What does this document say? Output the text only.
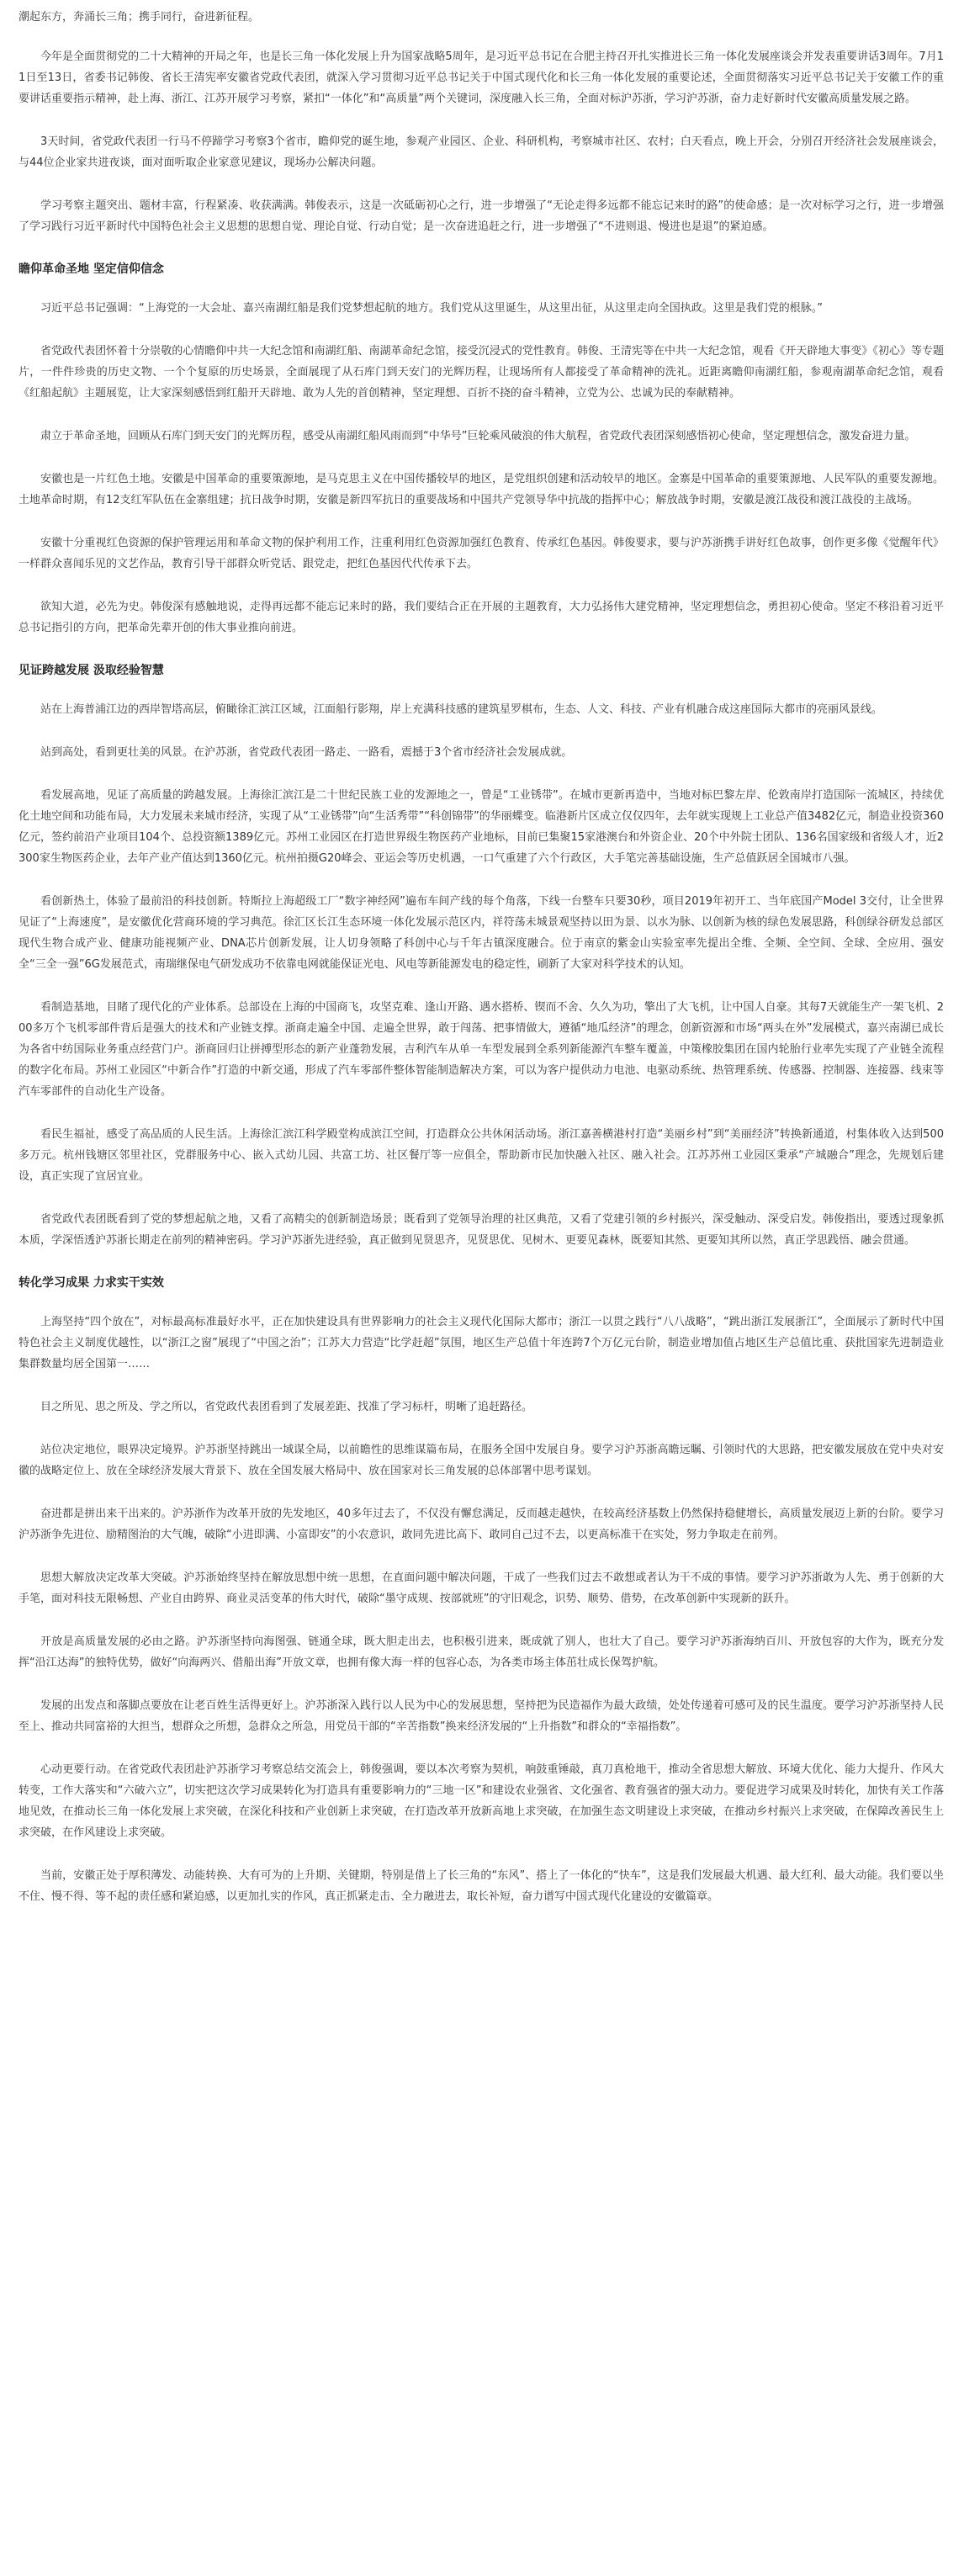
潮起东方，奔涌长三角；携手同行，奋进新征程。

今年是全面贯彻党的二十大精神的开局之年，也是长三角一体化发展上升为国家战略5周年，是习近平总书记在合肥主持召开扎实推进长三角一体化发展座谈会并发表重要讲话3周年。7月11日至13日，省委书记韩俊、省长王清宪率安徽省党政代表团，就深入学习贯彻习近平总书记关于中国式现代化和长三角一体化发展的重要论述，全面贯彻落实习近平总书记关于安徽工作的重要讲话重要指示精神，赴上海、浙江、江苏开展学习考察，紧扣“一体化”和“高质量”两个关键词，深度融入长三角，全面对标沪苏浙，学习沪苏浙，奋力走好新时代安徽高质量发展之路。

3天时间，省党政代表团一行马不停蹄学习考察3个省市，瞻仰党的诞生地，参观产业园区、企业、科研机构，考察城市社区、农村；白天看点，晚上开会，分别召开经济社会发展座谈会，与44位企业家共进夜谈，面对面听取企业家意见建议，现场办公解决问题。

学习考察主题突出、题材丰富，行程紧凑、收获满满。韩俊表示，这是一次砥砺初心之行，进一步增强了“无论走得多远都不能忘记来时的路”的使命感；是一次对标学习之行，进一步增强了学习践行习近平新时代中国特色社会主义思想的思想自觉、理论自觉、行动自觉；是一次奋进追赶之行，进一步增强了“不进则退、慢进也是退”的紧迫感。

瞻仰革命圣地 坚定信仰信念

习近平总书记强调：“上海党的一大会址、嘉兴南湖红船是我们党梦想起航的地方。我们党从这里诞生，从这里出征，从这里走向全国执政。这里是我们党的根脉。”

省党政代表团怀着十分崇敬的心情瞻仰中共一大纪念馆和南湖红船、南湖革命纪念馆，接受沉浸式的党性教育。韩俊、王清宪等在中共一大纪念馆，观看《开天辟地大事变》《初心》等专题片，一件件珍贵的历史文物、一个个复原的历史场景，全面展现了从石库门到天安门的光辉历程，让现场所有人都接受了革命精神的洗礼。近距离瞻仰南湖红船，参观南湖革命纪念馆，观看《红船起航》主题展览，让大家深刻感悟到红船开天辟地、敢为人先的首创精神，坚定理想、百折不挠的奋斗精神，立党为公、忠诚为民的奉献精神。

肃立于革命圣地，回顾从石库门到天安门的光辉历程，感受从南湖红船风雨而到“中华号”巨轮乘风破浪的伟大航程，省党政代表团深刻感悟初心使命，坚定理想信念，激发奋进力量。

安徽也是一片红色土地。安徽是中国革命的重要策源地，是马克思主义在中国传播较早的地区，是党组织创建和活动较早的地区。金寨是中国革命的重要策源地、人民军队的重要发源地。土地革命时期，有12支红军队伍在金寨组建；抗日战争时期，安徽是新四军抗日的重要战场和中国共产党领导华中抗战的指挥中心；解放战争时期，安徽是渡江战役和渡江战役的主战场。

安徽十分重视红色资源的保护管理运用和革命文物的保护利用工作，注重利用红色资源加强红色教育、传承红色基因。韩俊要求，要与沪苏浙携手讲好红色故事，创作更多像《觉醒年代》一样群众喜闻乐见的文艺作品，教育引导干部群众听党话、跟党走，把红色基因代代传承下去。

欲知大道，必先为史。韩俊深有感触地说，走得再远都不能忘记来时的路，我们要结合正在开展的主题教育，大力弘扬伟大建党精神，坚定理想信念，勇担初心使命。坚定不移沿着习近平总书记指引的方向，把革命先辈开创的伟大事业推向前进。

见证跨越发展 汲取经验智慧

站在上海普浦江边的西岸智塔高层，俯瞰徐汇滨江区域，江面船行影翔，岸上充满科技感的建筑星罗棋布，生态、人文、科技、产业有机融合成这座国际大都市的亮丽风景线。

站到高处，看到更壮美的风景。在沪苏浙，省党政代表团一路走、一路看，震撼于3个省市经济社会发展成就。

看发展高地，见证了高质量的跨越发展。上海徐汇滨江是二十世纪民族工业的发源地之一，曾是“工业锈带”。在城市更新再造中，当地对标巴黎左岸、伦敦南岸打造国际一流城区，持续优化土地空间和功能布局，大力发展未来城市经济，实现了从“工业锈带”向“生活秀带”“科创锦带”的华丽蝶变。临港新片区成立仅仅四年，去年就实现规上工业总产值3482亿元，制造业投资360亿元，签约前沿产业项目104个、总投资额1389亿元。苏州工业园区在打造世界级生物医药产业地标，目前已集聚15家港澳台和外资企业、20个中外院士团队、136名国家级和省级人才，近2300家生物医药企业，去年产业产值达到1360亿元。杭州拍摄G20峰会、亚运会等历史机遇，一口气重建了六个行政区，大手笔完善基础设施，生产总值跃居全国城市八强。

看创新热土，体验了最前沿的科技创新。特斯拉上海超级工厂“数字神经网”遍布车间产线的每个角落，下线一台整车只要30秒，项目2019年初开工、当年底国产Model 3交付，让全世界见证了“上海速度”，是安徽优化营商环境的学习典范。徐汇区长江生态环境一体化发展示范区内，祥符荡未城景观坚持以田为景、以水为脉、以创新为核的绿色发展思路，科创绿谷研发总部区现代生物合成产业、健康功能视频产业、DNA芯片创新发展，让人切身领略了科创中心与千年古镇深度融合。位于南京的紫金山实验室率先提出全维、全频、全空间、全球、全应用、强安全“三全一强”6G发展范式，南瑞继保电气研发成功不依靠电网就能保证光电、风电等新能源发电的稳定性，刷新了大家对科学技术的认知。

看制造基地，目睹了现代化的产业体系。总部设在上海的中国商飞，攻坚克难、逢山开路、遇水搭桥、锲而不舍、久久为功，擎出了大飞机，让中国人自豪。其每7天就能生产一架飞机、200多万个飞机零部件背后是强大的技术和产业链支撑。浙商走遍全中国、走遍全世界，敢于闯荡、把事情做大，遵循“地瓜经济”的理念，创新资源和市场“两头在外”发展模式，嘉兴南湖已成长为各省中纺国际业务重点经营门户。浙商回归让拼搏型形态的新产业蓬勃发展，吉利汽车从单一车型发展到全系列新能源汽车整车覆盖，中策橡胶集团在国内轮胎行业率先实现了产业链全流程的数字化布局。苏州工业园区“中新合作”打造的中新交通，形成了汽车零部件整体智能制造解决方案，可以为客户提供动力电池、电驱动系统、热管理系统、传感器、控制器、连接器、线束等汽车零部件的自动化生产设备。

看民生福祉，感受了高品质的人民生活。上海徐汇滨江科学殿堂构成滨江空间，打造群众公共休闲活动场。浙江嘉善横港村打造“美丽乡村”到“美丽经济”转换新通道，村集体收入达到500多万元。杭州钱塘区邻里社区，党群服务中心、嵌入式幼儿园、共富工坊、社区餐厅等一应俱全，帮助新市民加快融入社区、融入社会。江苏苏州工业园区秉承“产城融合”理念，先规划后建设，真正实现了宜居宜业。

省党政代表团既看到了党的梦想起航之地，又看了高精尖的创新制造场景；既看到了党领导治理的社区典范，又看了党建引领的乡村振兴，深受触动、深受启发。韩俊指出，要透过现象抓本质，学深悟透沪苏浙长期走在前列的精神密码。学习沪苏浙先进经验，真正做到见贤思齐，见贤思优、见树木、更要见森林，既要知其然、更要知其所以然，真正学思践悟、融会贯通。

转化学习成果 力求实干实效

上海坚持“四个放在”，对标最高标准最好水平，正在加快建设具有世界影响力的社会主义现代化国际大都市；浙江一以贯之践行“八八战略”，“跳出浙江发展浙江”，全面展示了新时代中国特色社会主义制度优越性，以“浙江之窗”展现了“中国之治”；江苏大力营造“比学赶超”氛围，地区生产总值十年连跨7个万亿元台阶，制造业增加值占地区生产总值比重、获批国家先进制造业集群数量均居全国第一……

目之所见、思之所及、学之所以，省党政代表团看到了发展差距、找准了学习标杆，明晰了追赶路径。

站位决定地位，眼界决定境界。沪苏浙坚持跳出一域谋全局，以前瞻性的思维谋篇布局，在服务全国中发展自身。要学习沪苏浙高瞻远瞩、引领时代的大思路，把安徽发展放在党中央对安徽的战略定位上、放在全球经济发展大背景下、放在全国发展大格局中、放在国家对长三角发展的总体部署中思考谋划。

奋进都是拼出来干出来的。沪苏浙作为改革开放的先发地区，40多年过去了，不仅没有懈怠满足，反而越走越快，在较高经济基数上仍然保持稳健增长，高质量发展迈上新的台阶。要学习沪苏浙争先进位、励精图治的大气魄，破除“小进即满、小富即安”的小农意识，敢同先进比高下、敢同自己过不去，以更高标准干在实处，努力争取走在前列。

思想大解放决定改革大突破。沪苏浙始终坚持在解放思想中统一思想，在直面问题中解决问题，干成了一些我们过去不敢想或者认为干不成的事情。要学习沪苏浙敢为人先、勇于创新的大手笔，面对科技无限畅想、产业自由跨界、商业灵活变革的伟大时代，破除“墨守成规、按部就班”的守旧观念，识势、顺势、借势，在改革创新中实现新的跃升。

开放是高质量发展的必由之路。沪苏浙坚持向海图强、链通全球，既大胆走出去，也积极引进来，既成就了别人，也壮大了自己。要学习沪苏浙海纳百川、开放包容的大作为，既充分发挥“沿江达海”的独特优势，做好“向海两兴、借船出海”开放文章，也拥有像大海一样的包容心态，为各类市场主体茁壮成长保驾护航。

发展的出发点和落脚点要放在让老百姓生活得更好上。沪苏浙深入践行以人民为中心的发展思想，坚持把为民造福作为最大政绩，处处传递着可感可及的民生温度。要学习沪苏浙坚持人民至上、推动共同富裕的大担当，想群众之所想，急群众之所急，用党员干部的“辛苦指数”换来经济发展的“上升指数”和群众的“幸福指数”。

心动更要行动。在省党政代表团赴沪苏浙学习考察总结交流会上，韩俊强调，要以本次考察为契机，响鼓重锤敲，真刀真枪地干，推动全省思想大解放、环境大优化、能力大提升、作风大转变，工作大落实和“六破六立”，切实把这次学习成果转化为打造具有重要影响力的“三地一区”和建设农业强省、文化强省、教育强省的强大动力。要促进学习成果及时转化，加快有关工作落地见效，在推动长三角一体化发展上求突破，在深化科技和产业创新上求突破，在打造改革开放新高地上求突破，在加强生态文明建设上求突破，在推动乡村振兴上求突破，在保障改善民生上求突破，在作风建设上求突破。

当前，安徽正处于厚积薄发、动能转换、大有可为的上升期、关键期，特别是借上了长三角的“东风”、搭上了一体化的“快车”，这是我们发展最大机遇、最大红利、最大动能。我们要以坐不住、慢不得、等不起的责任感和紧迫感，以更加扎实的作风，真正抓紧走击、全力融进去，取长补短，奋力谱写中国式现代化建设的安徽篇章。
